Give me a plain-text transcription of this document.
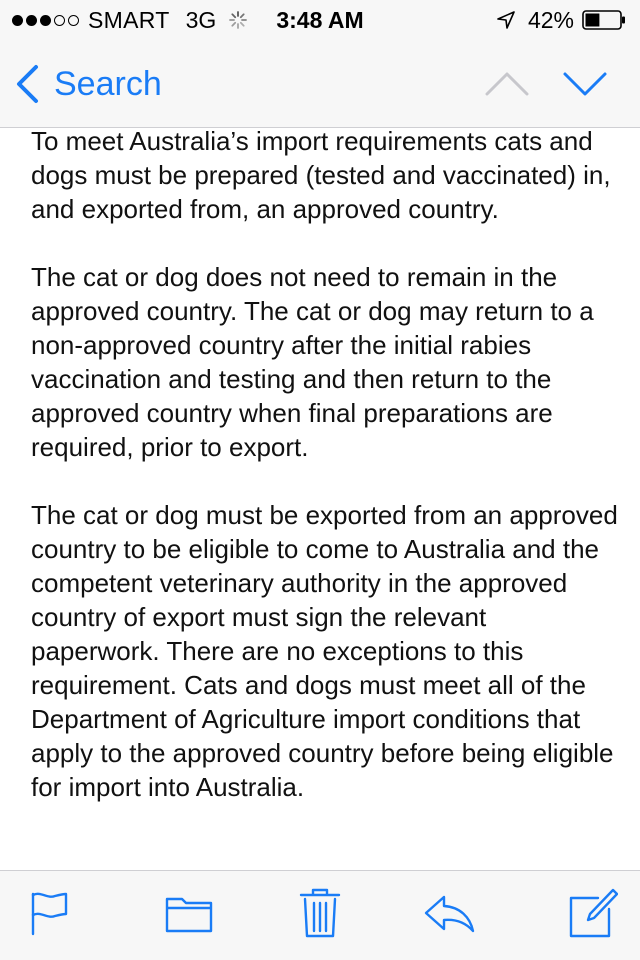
SMART 3G	3:48 AM	42%
Search

To meet Australia’s import requirements cats and dogs must be prepared (tested and vaccinated) in, and exported from, an approved country.

The cat or dog does not need to remain in the approved country. The cat or dog may return to a non-approved country after the initial rabies vaccination and testing and then return to the approved country when final preparations are required, prior to export.

The cat or dog must be exported from an approved country to be eligible to come to Australia and the competent veterinary authority in the approved country of export must sign the relevant paperwork. There are no exceptions to this requirement. Cats and dogs must meet all of the Department of Agriculture import conditions that apply to the approved country before being eligible for import into Australia.
